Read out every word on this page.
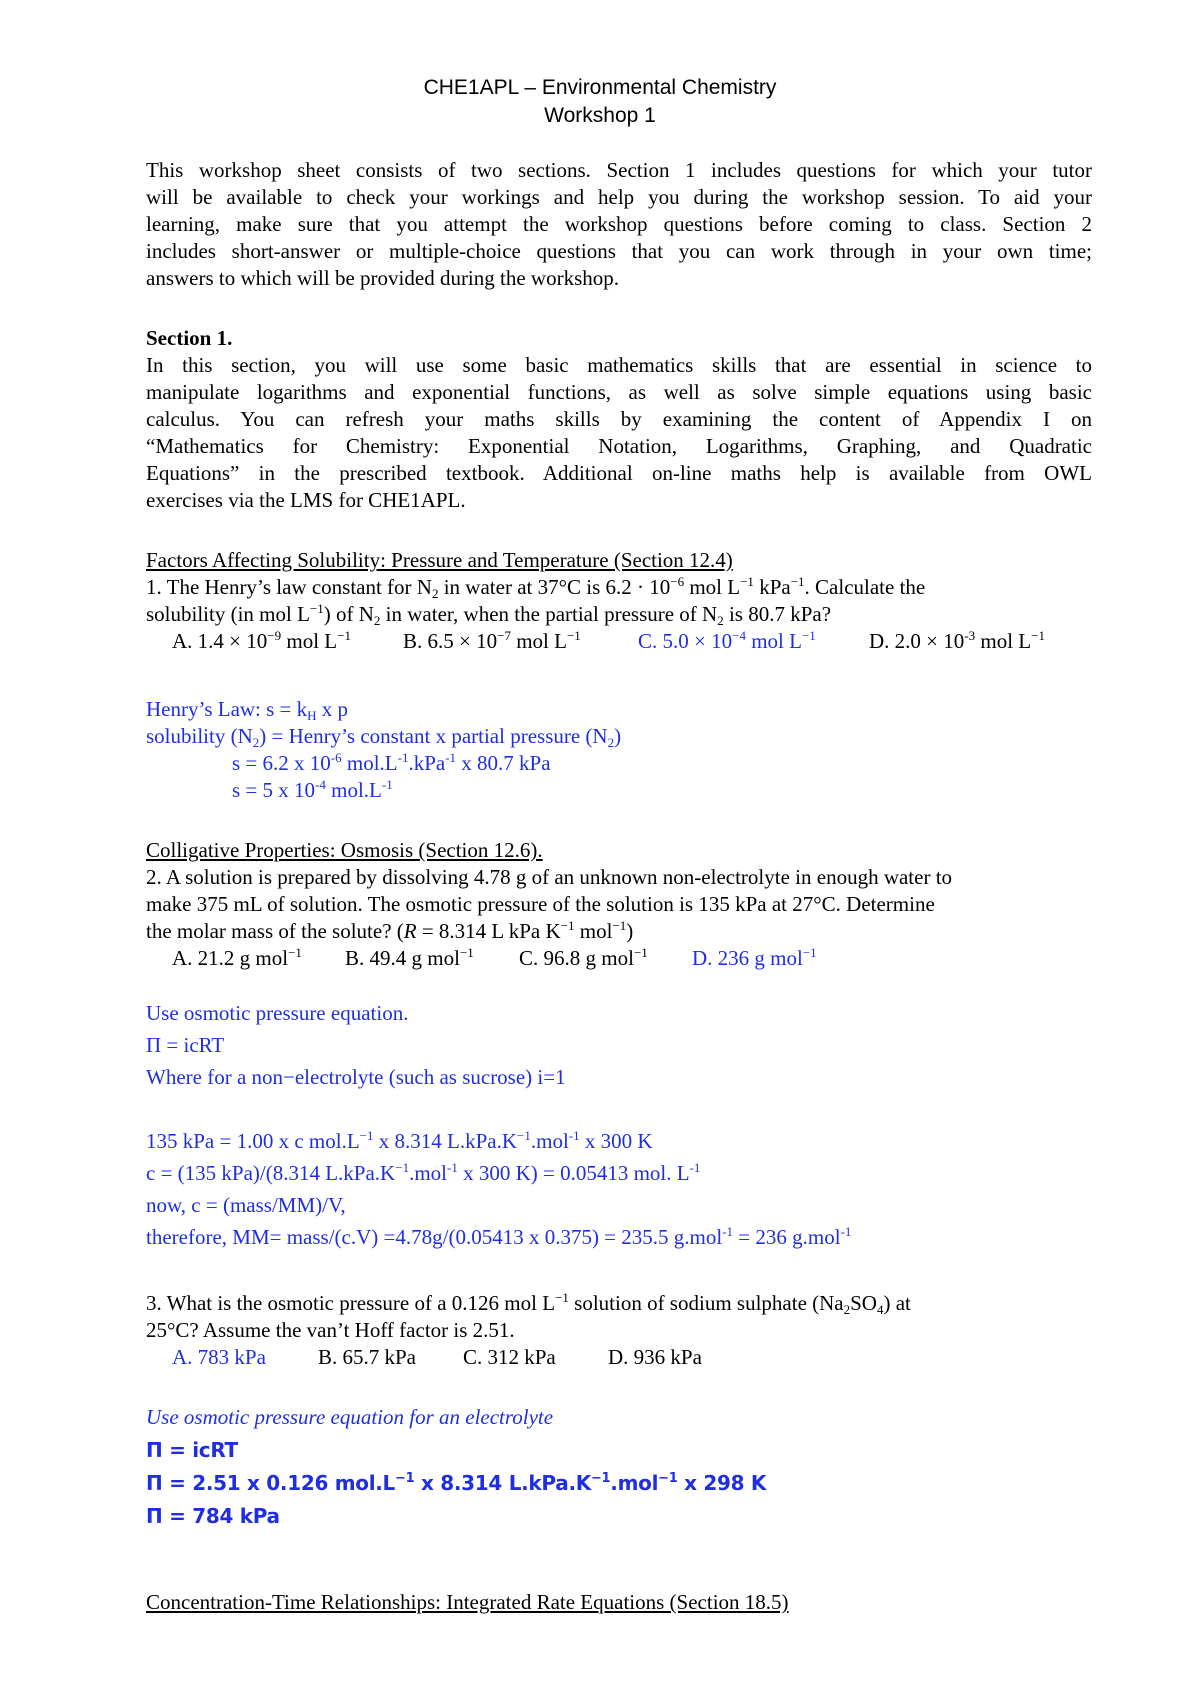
CHE1APL – Environmental Chemistry
Workshop 1
This workshop sheet consists of two sections. Section 1 includes questions for which your tutor
will be available to check your workings and help you during the workshop session. To aid your
learning, make sure that you attempt the workshop questions before coming to class. Section 2
includes short-answer or multiple-choice questions that you can work through in your own time;
answers to which will be provided during the workshop.
Section 1.
In this section, you will use some basic mathematics skills that are essential in science to
manipulate logarithms and exponential functions, as well as solve simple equations using basic
calculus. You can refresh your maths skills by examining the content of Appendix I on
“Mathematics for Chemistry: Exponential Notation, Logarithms, Graphing, and Quadratic
Equations” in the prescribed textbook. Additional on-line maths help is available from OWL
exercises via the LMS for CHE1APL.
Factors Affecting Solubility: Pressure and Temperature (Section 12.4)
1. The Henry’s law constant for $N_2$ in water at 37°C is $6.2 \cdot 10^{-6}$ mol $L^{-1}$ kPa$^{-1}$. Calculate the
solubility (in mol $L^{-1}$) of $N_2$ in water, when the partial pressure of $N_2$ is 80.7 kPa?
A. $1.4 \times 10^{-9}$ mol $L^{-1}$ B. $6.5 \times 10^{-7}$ mol $L^{-1}$	C. $5.0 \times 10^{-4}$ mol $L^{-1}$	D. $2.0 \times 10^{-3}$ mol $L^{-1}$
Henry’s Law: $s = k_H$ x p
solubility $(N_2)$ = Henry’s constant x partial pressure $(N_2)$
s = 6.2 x $10^{-6}$ $mol.L^{-1}.kPa^{-1}$ x 80.7 kPa
s = 5 x $10^{-4}$ $mol.L^{-1}$
Colligative Properties: Osmosis (Section 12.6).
2. A solution is prepared by dissolving 4.78 g of an unknown non-electrolyte in enough water to
make 375 mL of solution. The osmotic pressure of the solution is 135 kPa at 27°C. Determine
the molar mass of the solute? (R = 8.314 L kPa $K^{-1}$ mol$^{-1}$)
A. 21.2 g mol$^{-1}$ B. 49.4 g mol$^{-1}$ C. 96.8 g mol$^{-1}$ D. 236 g mol$^{-1}$
Use osmotic pressure equation.
Π = icRT
Where for a non−electrolyte (such as sucrose) i=1
135 kPa = 1.00 x c $mol.L^{-1}$ x 8.314 $L.kPa.K^{-1}.mol^{-1}$ x 300 K
c = (135 kPa)/(8.314 $L.kPa.K^{-1}.mol^{-1}$ x 300 K) = 0.05413 mol. $L^{-1}$
now, c = (mass/MM)/V,
therefore, MM= mass/(c.V) =4.78g/(0.05413 x 0.375) = 235.5 g.mol$^{-1}$ = 236 g.mol$^{-1}$
3. What is the osmotic pressure of a 0.126 mol $L^{-1}$ solution of sodium sulphate $(Na_2SO_4)$ at
25°C? Assume the van’t Hoff factor is 2.51.
A. 783 kPa B. 65.7 kPa C. 312 kPa D. 936 kPa
Use osmotic pressure equation for an electrolyte
Π = icRT
Π = 2.51 x 0.126 $mol.L^{-1}$ x 8.314 $L.kPa.K^{-1}.mol^{-1}$ x 298 K
Π = 784 kPa
Concentration-Time Relationships: Integrated Rate Equations (Section 18.5)
